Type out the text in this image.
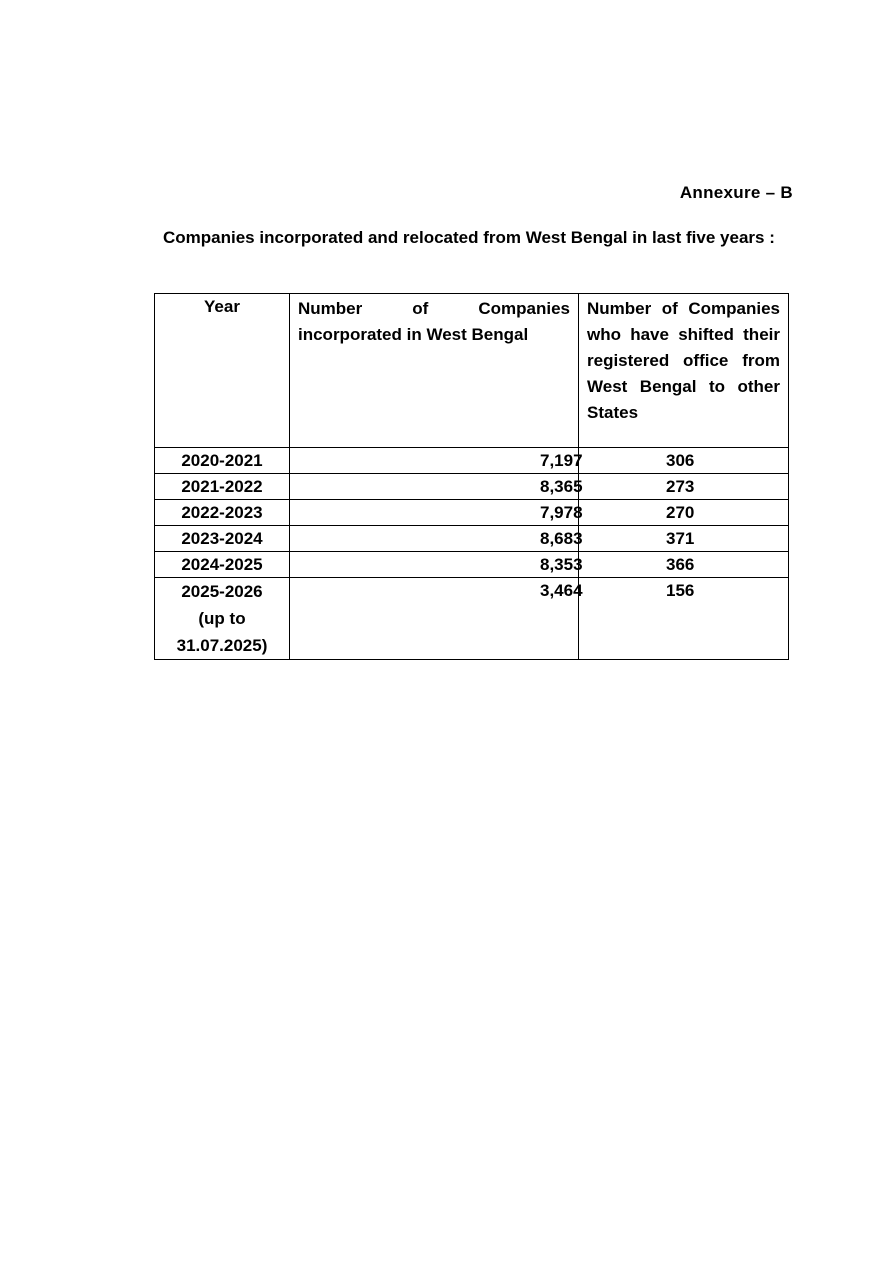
Annexure – B
Companies incorporated and relocated from West Bengal in last five years :
Year	Number of Companies incorporated in West Bengal	Number of Companies who have shifted their registered office from West Bengal to other States
2020-2021	7,197	306
2021-2022	8,365	273
2022-2023	7,978	270
2023-2024	8,683	371
2024-2025	8,353	366

2025-2026
(up to
31.07.2025)	3,464	156
